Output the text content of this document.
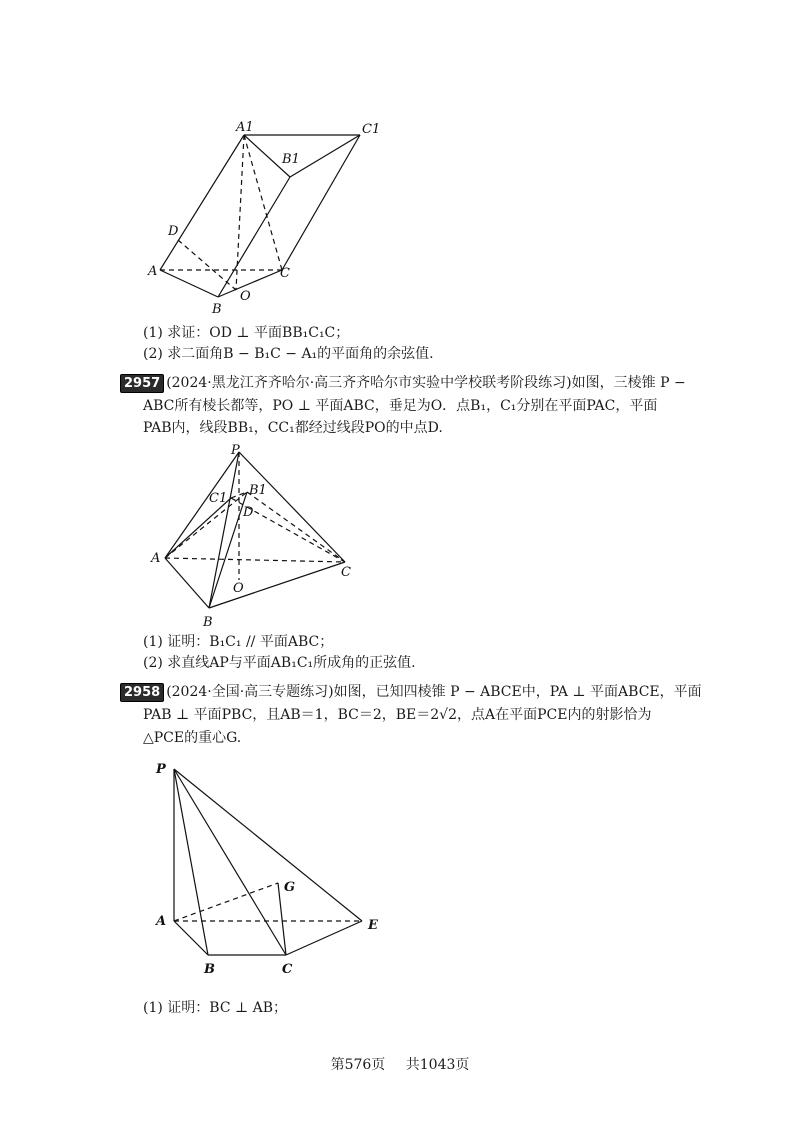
A1	C1
B1
D
A	C
B
O
(1) 求证：OD ⊥ 平面BB₁C₁C；
(2) 求二面角B − B₁C − A₁的平面角的余弦值.
2957 (2024·黑龙江齐齐哈尔·高三齐齐哈尔市实验中学校联考阶段练习)如图，三棱锥 P −
ABC所有棱长都等，PO ⊥ 平面ABC，垂足为O．点B₁，C₁分别在平面PAC，平面
PAB内，线段BB₁，CC₁都经过线段PO的中点D.
P
C1
B1
D
A
C
O
B
(1) 证明：B₁C₁ // 平面ABC；
(2) 求直线AP与平面AB₁C₁所成角的正弦值.
2958 (2024·全国·高三专题练习)如图，已知四棱锥 P − ABCE中，PA ⊥ 平面ABCE，平面
PAB ⊥ 平面PBC，且AB＝1，BC＝2，BE＝2√2，点A在平面PCE内的射影恰为
△PCE的重心G.
P
G
A	E
B	C
(1) 证明：BC ⊥ AB；
第576页 共1043页
